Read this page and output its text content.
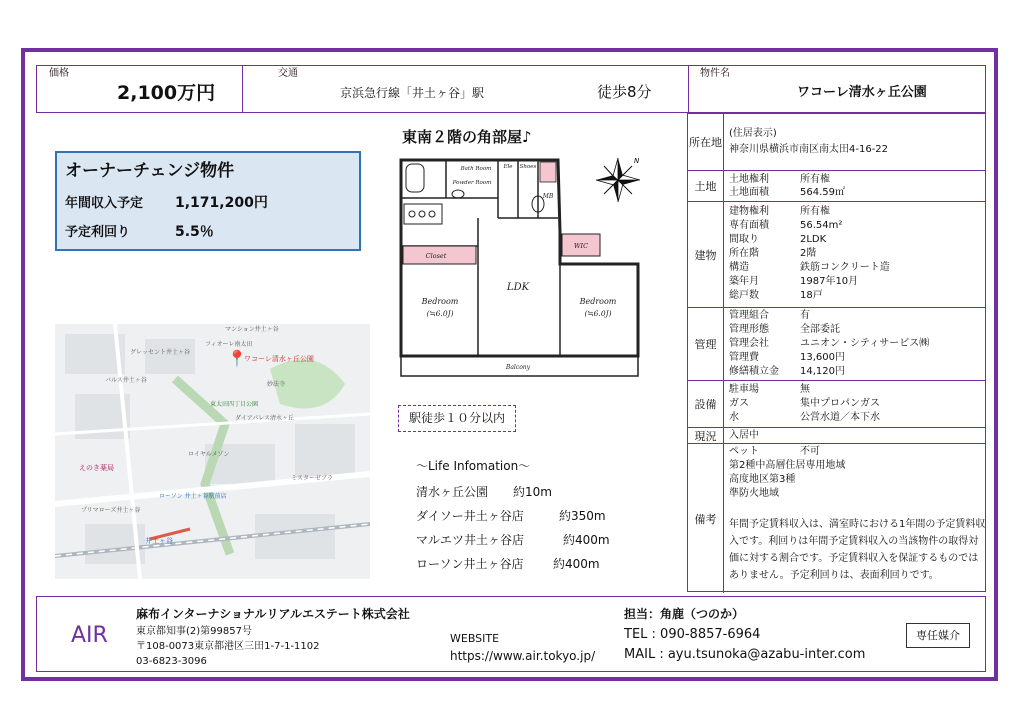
価格
2,100万円
交通
京浜急行線「井土ヶ谷」駅	徒歩8分
物件名
ワコーレ清水ヶ丘公園
オーナーチェンジ物件
年間収入予定 1,171,200円
予定利回り	5.5％
📍
ワコーレ清水ヶ丘公園
マンション井土ヶ谷
グレッセント井土ヶ谷
フィオーレ南太田
バルス井土ヶ谷
妙法寺
東太田四丁目公園
ダイアパレス清水ヶ丘
ロイヤルメゾン
えのき薬局
ローソン 井土ヶ谷駅前店
井土ヶ谷
ミスターゼブラ
プリマローズ井土ヶ谷
東南２階の角部屋♪
Bath Room
Powder Room
Ele Shoes
MB
Closet
LDK
WIC
Bedroom
(≒6.0J)
Bedroom
(≒6.0J)
Balcony
N
駅徒歩１０分以内
〜Life Infomation〜
清水ヶ丘公園 約10m
ダイソー井土ヶ谷店	約350m
マルエツ井土ヶ谷店	約400m
ローソン井土ヶ谷店 約400m
所在地
(住居表示)
神奈川県横浜市南区南太田4-16-22
土地
土地権利	所有権
土地面積	564.59㎡
建物
建物権利	所有権
専有面積	56.54m²
間取り	2LDK
所在階	2階
構造	鉄筋コンクリート造
築年月	1987年10月
総戸数	18戸
管理
管理組合	有
管理形態	全部委託
管理会社	ユニオン・シティサービス㈱
管理費	13,600円
修繕積立金 14,120円
設備
駐車場	無
ガス	集中プロパンガス
水	公営水道／本下水
現況	入居中
備考
ペット	不可
第2種中高層住居専用地域
高度地区第3種
準防火地域
年間予定賃料収入は、満室時における1年間の予定賃料収
入です。利回りは年間予定賃料収入の当該物件の取得対
価に対する割合です。予定賃料収入を保証するものでは
ありません。予定利回りは、表面利回りです。
AIR
麻布インターナショナルリアルエステート株式会社
東京都知事(2)第99857号
〒108-0073東京都港区三田1-7-1-1102
03-6823-3096
WEBSITE
https://www.air.tokyo.jp/
担当：角鹿（つのか）
TEL : 090-8857-6964
MAIL : ayu.tsunoka@azabu-inter.com
専任媒介
